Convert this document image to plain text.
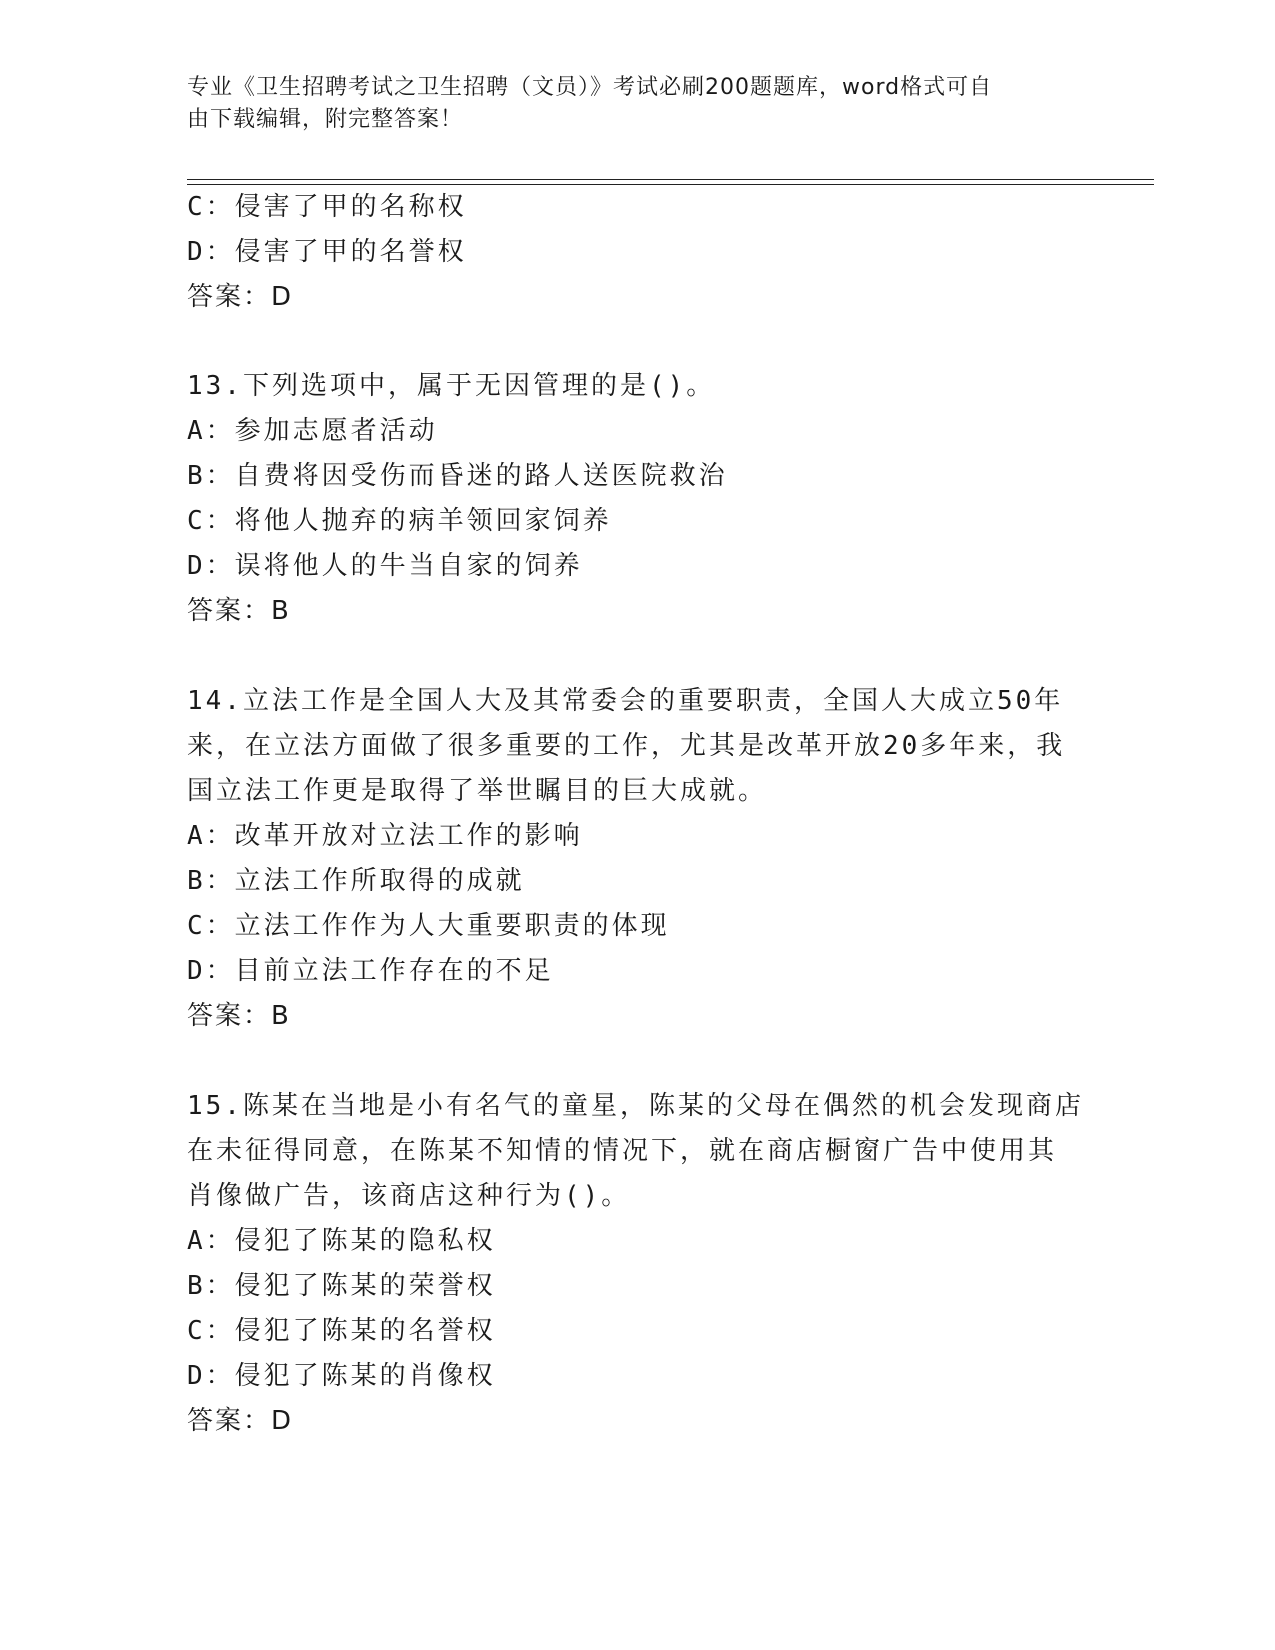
专业《卫生招聘考试之卫生招聘（文员）》考试必刷200题题库，word格式可自
由下载编辑，附完整答案！
C：侵害了甲的名称权
D：侵害了甲的名誉权
答案：D
13.下列选项中，属于无因管理的是()。
A：参加志愿者活动
B：自费将因受伤而昏迷的路人送医院救治
C：将他人抛弃的病羊领回家饲养
D：误将他人的牛当自家的饲养
答案：B
14.立法工作是全国人大及其常委会的重要职责，全国人大成立50年
来，在立法方面做了很多重要的工作，尤其是改革开放20多年来，我
国立法工作更是取得了举世瞩目的巨大成就。
A：改革开放对立法工作的影响
B：立法工作所取得的成就
C：立法工作作为人大重要职责的体现
D：目前立法工作存在的不足
答案：B
15.陈某在当地是小有名气的童星，陈某的父母在偶然的机会发现商店
在未征得同意，在陈某不知情的情况下，就在商店橱窗广告中使用其
肖像做广告，该商店这种行为()。
A：侵犯了陈某的隐私权
B：侵犯了陈某的荣誉权
C：侵犯了陈某的名誉权
D：侵犯了陈某的肖像权
答案：D
